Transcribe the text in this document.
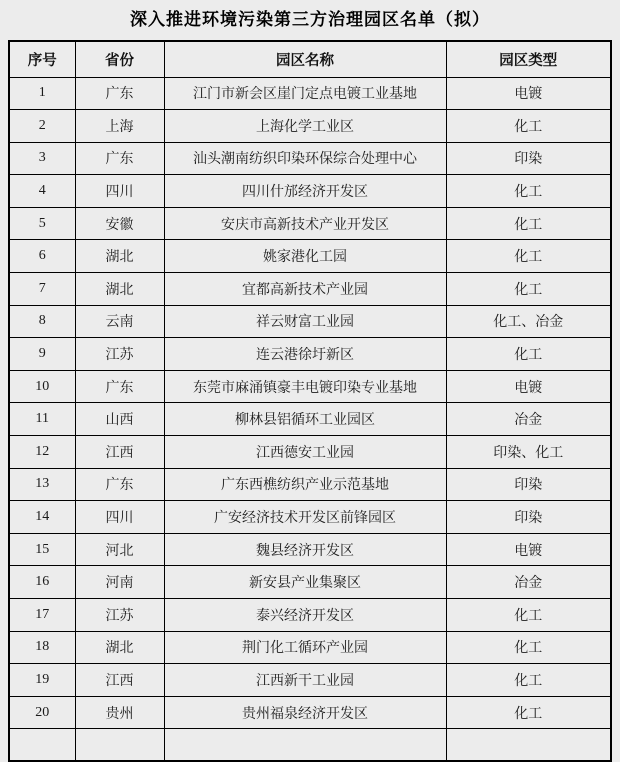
深入推进环境污染第三方治理园区名单（拟）
序号	省份	园区名称	园区类型
1	广东	江门市新会区崖门定点电镀工业基地	电镀
2	上海	上海化学工业区	化工
3	广东	汕头潮南纺织印染环保综合处理中心	印染
4	四川	四川什邡经济开发区	化工
5	安徽	安庆市高新技术产业开发区	化工
6	湖北	姚家港化工园	化工
7	湖北	宜都高新技术产业园	化工
8	云南	祥云财富工业园	化工、冶金
9	江苏	连云港徐圩新区	化工
10	广东	东莞市麻涌镇豪丰电镀印染专业基地	电镀
11	山西	柳林县铝循环工业园区	冶金
12	江西	江西德安工业园	印染、化工
13	广东	广东西樵纺织产业示范基地	印染
14	四川	广安经济技术开发区前锋园区	印染
15	河北	魏县经济开发区	电镀
16	河南	新安县产业集聚区	冶金
17	江苏	泰兴经济开发区	化工
18	湖北	荆门化工循环产业园	化工
19	江西	江西新干工业园	化工
20	贵州	贵州福泉经济开发区	化工
